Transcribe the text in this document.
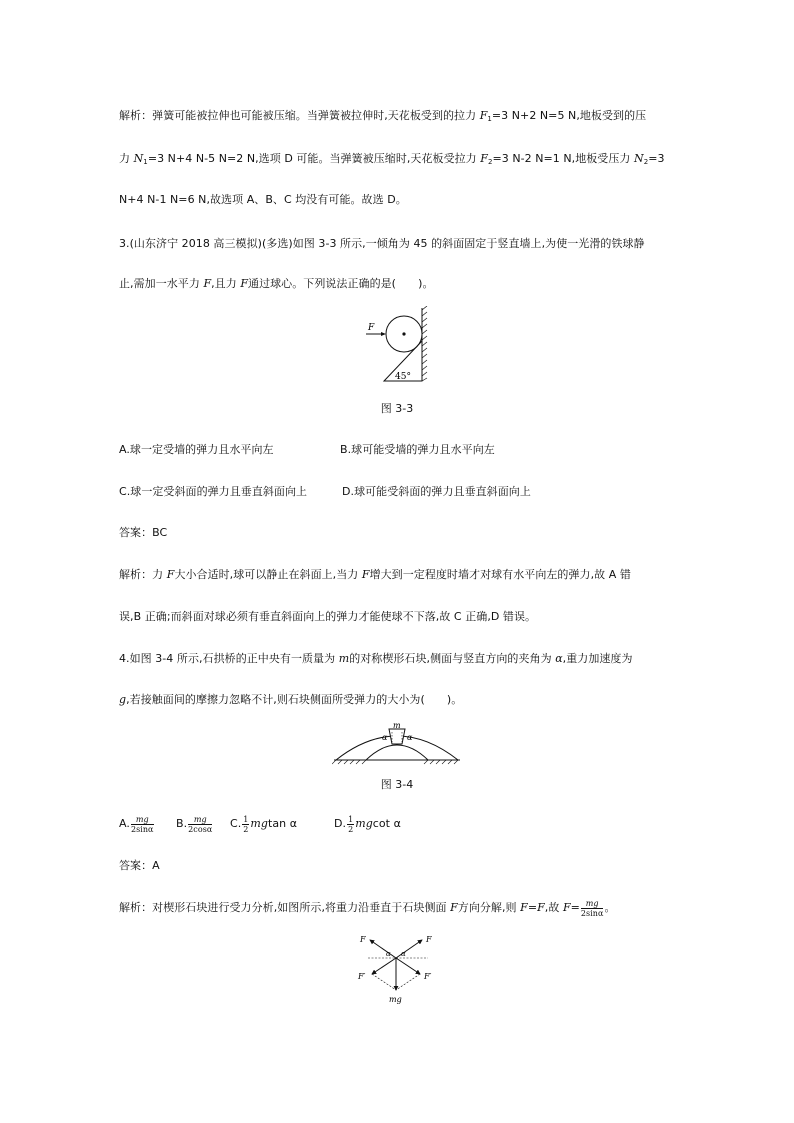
解析：弹簧可能被拉伸也可能被压缩。当弹簧被拉伸时,天花板受到的拉力 $F_1=3$ N+2 N=5 N,地板受到的压
力 $N_1=3$ N+4 N-5 N=2 N,选项 D 可能。当弹簧被压缩时,天花板受拉力 $F_2=3$ N-2 N=1 N,地板受压力 $N_2=3$
N+4 N-1 N=6 N,故选项 A、B、C 均没有可能。故选 D。
3.(山东济宁 2018 高三模拟)(多选)如图 3-3 所示,一倾角为 45 的斜面固定于竖直墙上,为使一光滑的铁球静
止,需加一水平力 F,且力 F通过球心。下列说法正确的是(　　)。
F
45°
图 3-3
A.球一定受墙的弹力且水平向左	B.球可能受墙的弹力且水平向左
C.球一定受斜面的弹力且垂直斜面向上	D.球可能受斜面的弹力且垂直斜面向上
答案：BC
解析：力 F大小合适时,球可以静止在斜面上,当力 F增大到一定程度时墙才对球有水平向左的弹力,故 A 错
误,B 正确;而斜面对球必须有垂直斜面向上的弹力才能使球不下落,故 C 正确,D 错误。
4.如图 3-4 所示,石拱桥的正中央有一质量为 m的对称楔形石块,侧面与竖直方向的夹角为 α,重力加速度为
g,若接触面间的摩擦力忽略不计,则石块侧面所受弹力的大小为(　　)。
m
α α
图 3-4
A. $\frac{mg}{2\sin\alpha} B$. $\frac{mg}{2\cos\alpha} C$. $\frac{1}{2}$ mgtan α	D. $\frac{1}{2}$ mgcot α
答案：A
解析：对楔形石块进行受力分析,如图所示,将重力沿垂直于石块侧面 F方向分解,则 F=F,故 $F= \frac{mg}{2\sin\alpha}$ 。
F	F
F′	F′
α α
mg
